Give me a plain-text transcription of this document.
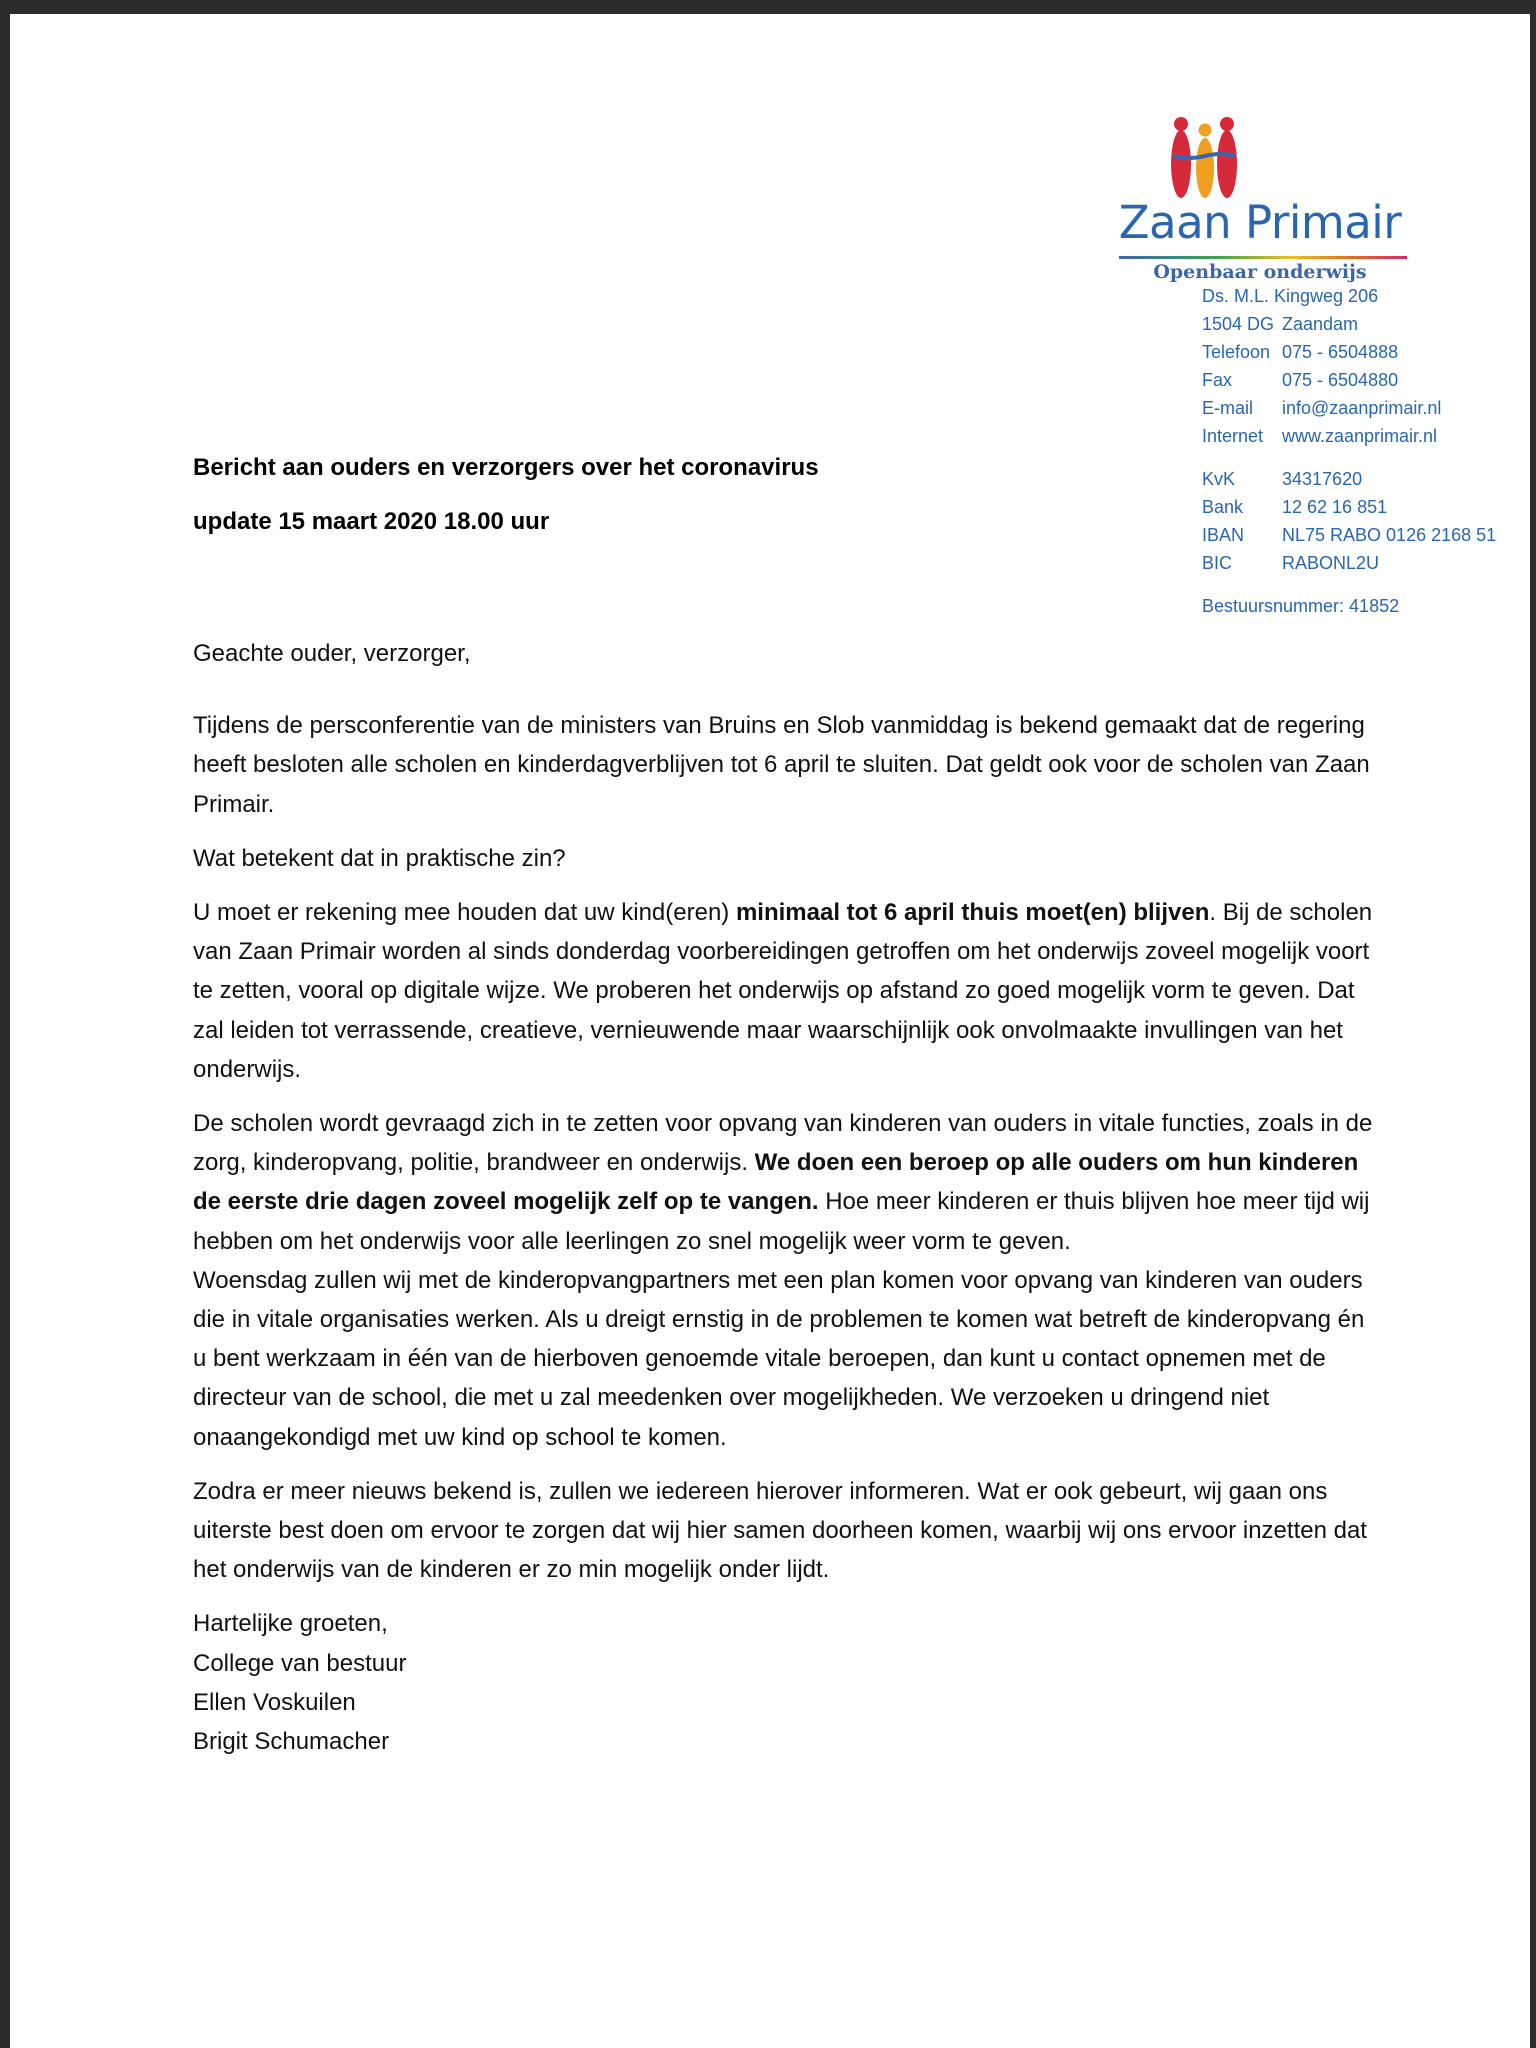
Zaan Primair
Openbaar onderwijs
Ds. M.L. Kingweg 206
1504 DG	Zaandam
Telefoon	075 - 6504888
Fax	075 - 6504880
E-mail	info@zaanprimair.nl
Internet	www.zaanprimair.nl
KvK	34317620
Bank	12 62 16 851
IBAN	NL75 RABO 0126 2168 51
BIC	RABONL2U
Bestuursnummer: 41852
Bericht aan ouders en verzorgers over het coronavirus
update 15 maart 2020 18.00 uur

Geachte ouder, verzorger,

Tijdens de persconferentie van de ministers van Bruins en Slob vanmiddag is bekend gemaakt dat de regering heeft besloten alle scholen en kinderdagverblijven tot 6 april te sluiten. Dat geldt ook voor de scholen van Zaan Primair.

Wat betekent dat in praktische zin?

U moet er rekening mee houden dat uw kind(eren) minimaal tot 6 april thuis moet(en) blijven. Bij de scholen van Zaan Primair worden al sinds donderdag voorbereidingen getroffen om het onderwijs zoveel mogelijk voort te zetten, vooral op digitale wijze. We proberen het onderwijs op afstand zo goed mogelijk vorm te geven. Dat zal leiden tot verrassende, creatieve, vernieuwende maar waarschijnlijk ook onvolmaakte invullingen van het onderwijs.

De scholen wordt gevraagd zich in te zetten voor opvang van kinderen van ouders in vitale functies, zoals in de zorg, kinderopvang, politie, brandweer en onderwijs. We doen een beroep op alle ouders om hun kinderen de eerste drie dagen zoveel mogelijk zelf op te vangen. Hoe meer kinderen er thuis blijven hoe meer tijd wij hebben om het onderwijs voor alle leerlingen zo snel mogelijk weer vorm te geven.

Woensdag zullen wij met de kinderopvangpartners met een plan komen voor opvang van kinderen van ouders die in vitale organisaties werken. Als u dreigt ernstig in de problemen te komen wat betreft de kinderopvang én u bent werkzaam in één van de hierboven genoemde vitale beroepen, dan kunt u contact opnemen met de directeur van de school, die met u zal meedenken over mogelijkheden. We verzoeken u dringend niet onaangekondigd met uw kind op school te komen.

Zodra er meer nieuws bekend is, zullen we iedereen hierover informeren. Wat er ook gebeurt, wij gaan ons uiterste best doen om ervoor te zorgen dat wij hier samen doorheen komen, waarbij wij ons ervoor inzetten dat het onderwijs van de kinderen er zo min mogelijk onder lijdt.

Hartelijke groeten,
College van bestuur
Ellen Voskuilen
Brigit Schumacher
